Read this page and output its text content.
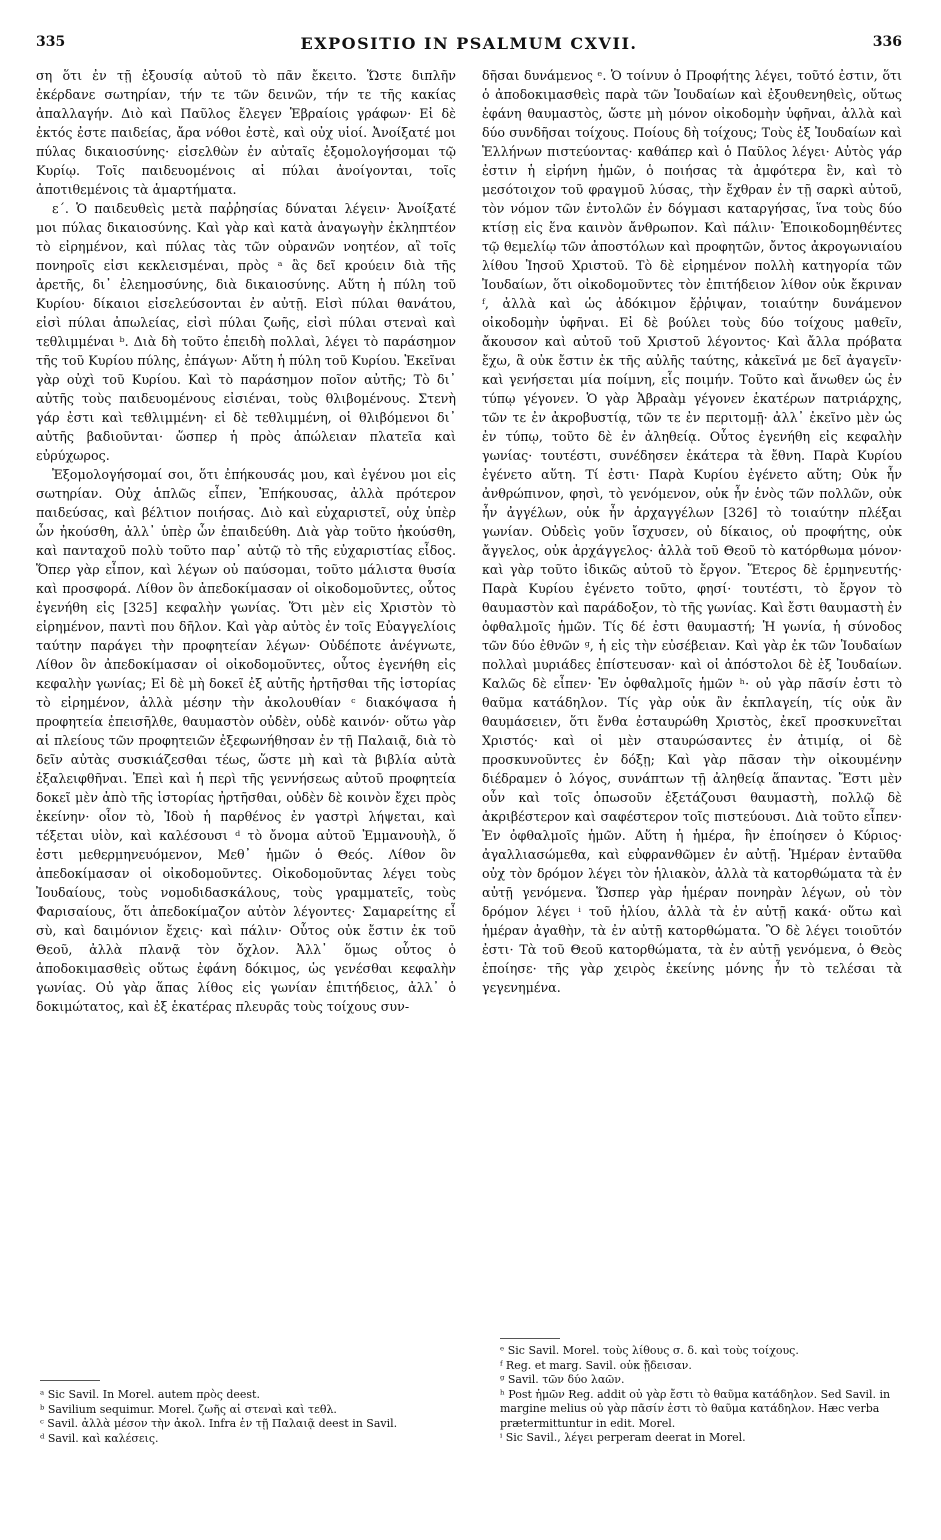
335	EXPOSITIO IN PSALMUM CXVII.	336

ση ὅτι ἐν τῇ ἐξουσίᾳ αὐτοῦ τὸ πᾶν ἔκειτο. Ὥστε διπλῆν ἐκέρδανε σωτηρίαν, τήν τε τῶν δεινῶν, τήν τε τῆς κακίας ἀπαλλαγήν. Διὸ καὶ Παῦλος ἔλεγεν Ἑβραίοις γράφων· Εἰ δὲ ἐκτός ἐστε παιδείας, ἄρα νόθοι ἐστὲ, καὶ οὐχ υἱοί. Ἀνοίξατέ μοι πύλας δικαιοσύνης· εἰσελθὼν ἐν αὐταῖς ἐξομολογήσομαι τῷ Κυρίῳ. Τοῖς παιδευομένοις αἱ πύλαι ἀνοίγονται, τοῖς ἀποτιθεμένοις τὰ ἁμαρτήματα.

ε΄. Ὁ παιδευθεὶς μετὰ παῤῥησίας δύναται λέγειν· Ἀνοίξατέ μοι πύλας δικαιοσύνης. Καὶ γὰρ καὶ κατὰ ἀναγωγὴν ἐκληπτέον τὸ εἰρημένον, καὶ πύλας τὰς τῶν οὐρανῶν νοητέον, αἳ τοῖς πονηροῖς εἰσι κεκλεισμέναι, πρὸς ᵃ ἃς δεῖ κρούειν διὰ τῆς ἀρετῆς, δι᾽ ἐλεημοσύνης, διὰ δικαιοσύνης. Αὕτη ἡ πύλη τοῦ Κυρίου· δίκαιοι εἰσελεύσονται ἐν αὐτῇ. Εἰσὶ πύλαι θανάτου, εἰσὶ πύλαι ἀπωλείας, εἰσὶ πύλαι ζωῆς, εἰσὶ πύλαι στεναὶ καὶ τεθλιμμέναι ᵇ. Διὰ δὴ τοῦτο ἐπειδὴ πολλαὶ, λέγει τὸ παράσημον τῆς τοῦ Κυρίου πύλης, ἐπάγων· Αὕτη ἡ πύλη τοῦ Κυρίου. Ἐκεῖναι γὰρ οὐχὶ τοῦ Κυρίου. Καὶ τὸ παράσημον ποῖον αὐτῆς; Τὸ δι᾽ αὐτῆς τοὺς παιδευομένους εἰσιέναι, τοὺς θλιβομένους. Στενὴ γάρ ἐστι καὶ τεθλιμμένη· εἰ δὲ τεθλιμμένη, οἱ θλιβόμενοι δι᾽ αὐτῆς βαδιοῦνται· ὥσπερ ἡ πρὸς ἀπώλειαν πλατεῖα καὶ εὐρύχωρος.

Ἐξομολογήσομαί σοι, ὅτι ἐπήκουσάς μου, καὶ ἐγένου μοι εἰς σωτηρίαν. Οὐχ ἁπλῶς εἶπεν, Ἐπήκουσας, ἀλλὰ πρότερον παιδεύσας, καὶ βέλτιον ποιήσας. Διὸ καὶ εὐχαριστεῖ, οὐχ ὑπὲρ ὧν ἠκούσθη, ἀλλ᾽ ὑπὲρ ὧν ἐπαιδεύθη. Διὰ γὰρ τοῦτο ἠκούσθη, καὶ πανταχοῦ πολὺ τοῦτο παρ᾽ αὐτῷ τὸ τῆς εὐχαριστίας εἶδος. Ὅπερ γὰρ εἶπον, καὶ λέγων οὐ παύσομαι, τοῦτο μάλιστα θυσία καὶ προσφορά. Λίθον ὃν ἀπεδοκίμασαν οἱ οἰκοδομοῦντες, οὗτος ἐγενήθη εἰς [325] κεφαλὴν γωνίας. Ὅτι μὲν εἰς Χριστὸν τὸ εἰρημένον, παντὶ που δῆλον. Καὶ γὰρ αὐτὸς ἐν τοῖς Εὐαγγελίοις ταύτην παράγει τὴν προφητείαν λέγων· Οὐδέποτε ἀνέγνωτε, Λίθον ὃν ἀπεδοκίμασαν οἱ οἰκοδομοῦντες, οὗτος ἐγενήθη εἰς κεφαλὴν γωνίας; Εἰ δὲ μὴ δοκεῖ ἐξ αὐτῆς ἠρτῆσθαι τῆς ἱστορίας τὸ εἰρημένον, ἀλλὰ μέσην τὴν ἀκολουθίαν ᶜ διακόψασα ἡ προφητεία ἐπεισῆλθε, θαυμαστὸν οὐδὲν, οὐδὲ καινόν· οὕτω γὰρ αἱ πλείους τῶν προφητειῶν ἐξεφωνήθησαν ἐν τῇ Παλαιᾷ, διὰ τὸ δεῖν αὐτὰς συσκιάζεσθαι τέως, ὥστε μὴ καὶ τὰ βιβλία αὐτὰ ἐξαλειφθῆναι. Ἐπεὶ καὶ ἡ περὶ τῆς γεννήσεως αὐτοῦ προφητεία δοκεῖ μὲν ἀπὸ τῆς ἱστορίας ἠρτῆσθαι, οὐδὲν δὲ κοινὸν ἔχει πρὸς ἐκείνην· οἷον τὸ, Ἰδοὺ ἡ παρθένος ἐν γαστρὶ λήψεται, καὶ τέξεται υἱὸν, καὶ καλέσουσι ᵈ τὸ ὄνομα αὐτοῦ Ἐμμανουὴλ, ὅ ἐστι μεθερμηνευόμενον, Μεθ᾽ ἡμῶν ὁ Θεός. Λίθον ὃν ἀπεδοκίμασαν οἱ οἰκοδομοῦντες. Οἰκοδομοῦντας λέγει τοὺς Ἰουδαίους, τοὺς νομοδιδασκάλους, τοὺς γραμματεῖς, τοὺς Φαρισαίους, ὅτι ἀπεδοκίμαζον αὐτὸν λέγοντες· Σαμαρείτης εἶ σὺ, καὶ δαιμόνιον ἔχεις· καὶ πάλιν· Οὗτος οὐκ ἔστιν ἐκ τοῦ Θεοῦ, ἀλλὰ πλανᾷ τὸν ὄχλον. Ἀλλ᾽ ὅμως οὗτος ὁ ἀποδοκιμασθεὶς οὕτως ἐφάνη δόκιμος, ὡς γενέσθαι κεφαλὴν γωνίας. Οὐ γὰρ ἅπας λίθος εἰς γωνίαν ἐπιτήδειος, ἀλλ᾽ ὁ δοκιμώτατος, καὶ ἐξ ἑκατέρας πλευρᾶς τοὺς τοίχους συν-

δῆσαι δυνάμενος ᵉ. Ὁ τοίνυν ὁ Προφήτης λέγει, τοῦτό ἐστιν, ὅτι ὁ ἀποδοκιμασθεὶς παρὰ τῶν Ἰουδαίων καὶ ἐξουθενηθεὶς, οὕτως ἐφάνη θαυμαστὸς, ὥστε μὴ μόνον οἰκοδομὴν ὑφῆναι, ἀλλὰ καὶ δύο συνδῆσαι τοίχους. Ποίους δὴ τοίχους; Τοὺς ἐξ Ἰουδαίων καὶ Ἑλλήνων πιστεύοντας· καθάπερ καὶ ὁ Παῦλος λέγει· Αὐτὸς γάρ ἐστιν ἡ εἰρήνη ἡμῶν, ὁ ποιήσας τὰ ἀμφότερα ἓν, καὶ τὸ μεσότοιχον τοῦ φραγμοῦ λύσας, τὴν ἔχθραν ἐν τῇ σαρκὶ αὐτοῦ, τὸν νόμον τῶν ἐντολῶν ἐν δόγμασι καταργήσας, ἵνα τοὺς δύο κτίσῃ εἰς ἕνα καινὸν ἄνθρωπον. Καὶ πάλιν· Ἐποικοδομηθέντες τῷ θεμελίῳ τῶν ἀποστόλων καὶ προφητῶν, ὄντος ἀκρογωνιαίου λίθου Ἰησοῦ Χριστοῦ. Τὸ δὲ εἰρημένον πολλὴ κατηγορία τῶν Ἰουδαίων, ὅτι οἰκοδομοῦντες τὸν ἐπιτήδειον λίθον οὐκ ἔκριναν ᶠ, ἀλλὰ καὶ ὡς ἀδόκιμον ἔῤῥιψαν, τοιαύτην δυνάμενον οἰκοδομὴν ὑφῆναι. Εἰ δὲ βούλει τοὺς δύο τοίχους μαθεῖν, ἄκουσον καὶ αὐτοῦ τοῦ Χριστοῦ λέγοντος· Καὶ ἄλλα πρόβατα ἔχω, ἃ οὐκ ἔστιν ἐκ τῆς αὐλῆς ταύτης, κἀκεῖνά με δεῖ ἀγαγεῖν· καὶ γενήσεται μία ποίμνη, εἷς ποιμήν. Τοῦτο καὶ ἄνωθεν ὡς ἐν τύπῳ γέγονεν. Ὁ γὰρ Ἀβραὰμ γέγονεν ἑκατέρων πατριάρχης, τῶν τε ἐν ἀκροβυστίᾳ, τῶν τε ἐν περιτομῇ· ἀλλ᾽ ἐκεῖνο μὲν ὡς ἐν τύπῳ, τοῦτο δὲ ἐν ἀληθείᾳ. Οὗτος ἐγενήθη εἰς κεφαλὴν γωνίας· τουτέστι, συνέδησεν ἑκάτερα τὰ ἔθνη. Παρὰ Κυρίου ἐγένετο αὕτη. Τί ἐστι· Παρὰ Κυρίου ἐγένετο αὕτη; Οὐκ ἦν ἀνθρώπινον, φησὶ, τὸ γενόμενον, οὐκ ἦν ἑνὸς τῶν πολλῶν, οὐκ ἦν ἀγγέλων, οὐκ ἦν ἀρχαγγέλων [326] τὸ τοιαύτην πλέξαι γωνίαν. Οὐδεὶς γοῦν ἴσχυσεν, οὐ δίκαιος, οὐ προφήτης, οὐκ ἄγγελος, οὐκ ἀρχάγγελος· ἀλλὰ τοῦ Θεοῦ τὸ κατόρθωμα μόνον· καὶ γὰρ τοῦτο ἰδικῶς αὐτοῦ τὸ ἔργον. Ἕτερος δὲ ἑρμηνευτής· Παρὰ Κυρίου ἐγένετο τοῦτο, φησί· τουτέστι, τὸ ἔργον τὸ θαυμαστὸν καὶ παράδοξον, τὸ τῆς γωνίας. Καὶ ἔστι θαυμαστὴ ἐν ὀφθαλμοῖς ἡμῶν. Τίς δέ ἐστι θαυμαστή; Ἡ γωνία, ἡ σύνοδος τῶν δύο ἐθνῶν ᵍ, ἡ εἰς τὴν εὐσέβειαν. Καὶ γὰρ ἐκ τῶν Ἰουδαίων πολλαὶ μυριάδες ἐπίστευσαν· καὶ οἱ ἀπόστολοι δὲ ἐξ Ἰουδαίων. Καλῶς δὲ εἶπεν· Ἐν ὀφθαλμοῖς ἡμῶν ʰ· οὐ γὰρ πᾶσίν ἐστι τὸ θαῦμα κατάδηλον. Τίς γὰρ οὐκ ἂν ἐκπλαγείη, τίς οὐκ ἂν θαυμάσειεν, ὅτι ἔνθα ἐσταυρώθη Χριστὸς, ἐκεῖ προσκυνεῖται Χριστός· καὶ οἱ μὲν σταυρώσαντες ἐν ἀτιμίᾳ, οἱ δὲ προσκυνοῦντες ἐν δόξῃ; Καὶ γὰρ πᾶσαν τὴν οἰκουμένην διέδραμεν ὁ λόγος, συνάπτων τῇ ἀληθείᾳ ἅπαντας. Ἔστι μὲν οὖν καὶ τοῖς ὁπωσοῦν ἐξετάζουσι θαυμαστὴ, πολλῷ δὲ ἀκριβέστερον καὶ σαφέστερον τοῖς πιστεύουσι. Διὰ τοῦτο εἶπεν· Ἐν ὀφθαλμοῖς ἡμῶν. Αὕτη ἡ ἡμέρα, ἣν ἐποίησεν ὁ Κύριος· ἀγαλλιασώμεθα, καὶ εὐφρανθῶμεν ἐν αὐτῇ. Ἡμέραν ἐνταῦθα οὐχ τὸν δρόμον λέγει τὸν ἡλιακὸν, ἀλλὰ τὰ κατορθώματα τὰ ἐν αὐτῇ γενόμενα. Ὥσπερ γὰρ ἡμέραν πονηρὰν λέγων, οὐ τὸν δρόμον λέγει ⁱ τοῦ ἡλίου, ἀλλὰ τὰ ἐν αὐτῇ κακά· οὕτω καὶ ἡμέραν ἀγαθὴν, τὰ ἐν αὐτῇ κατορθώματα. Ὃ δὲ λέγει τοιοῦτόν ἐστι· Τὰ τοῦ Θεοῦ κατορθώματα, τὰ ἐν αὐτῇ γενόμενα, ὁ Θεὸς ἐποίησε· τῆς γὰρ χειρὸς ἐκείνης μόνης ἦν τὸ τελέσαι τὰ γεγενημένα.

ᵃ Sic Savil. In Morel. autem πρὸς deest.
ᵇ Savilium sequimur. Morel. ζωῆς αἱ στεναὶ καὶ τεθλ.
ᶜ Savil. ἀλλὰ μέσον τὴν ἀκολ. Infra ἐν τῇ Παλαιᾷ deest in Savil.
ᵈ Savil. καὶ καλέσεις.
ᵉ Sic Savil. Morel. τοὺς λίθους σ. δ. καὶ τοὺς τοίχους.
ᶠ Reg. et marg. Savil. οὐκ ᾔδεισαν.
ᵍ Savil. τῶν δύο λαῶν.
ʰ Post ἡμῶν Reg. addit οὐ γὰρ ἔστι τὸ θαῦμα κατάδηλον. Sed Savil. in margine melius οὐ γὰρ πᾶσίν ἐστι τὸ θαῦμα κατάδηλον. Hæc verba prætermittuntur in edit. Morel.
ⁱ Sic Savil., λέγει perperam deerat in Morel.
